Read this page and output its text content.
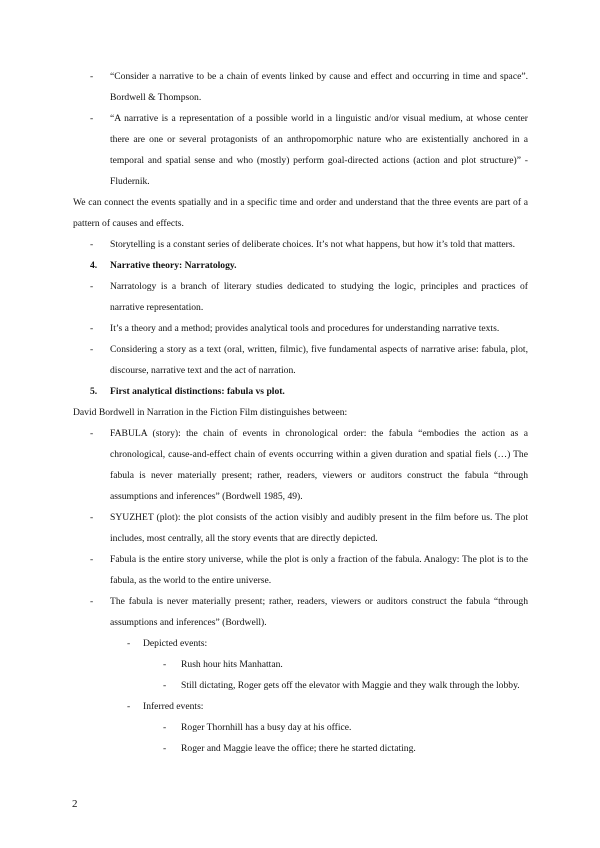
-	“Consider a narrative to be a chain of events linked by cause and effect and occurring in time and space”. Bordwell & Thompson.
-	“A narrative is a representation of a possible world in a linguistic and/or visual medium, at whose center there are one or several protagonists of an anthropomorphic nature who are existentially anchored in a temporal and spatial sense and who (mostly) perform goal-directed actions (action and plot structure)” - Fludernik.
We can connect the events spatially and in a specific time and order and understand that the three events are part of a pattern of causes and effects.
-	Storytelling is a constant series of deliberate choices. It’s not what happens, but how it’s told that matters.
4. Narrative theory: Narratology.
-	Narratology is a branch of literary studies dedicated to studying the logic, principles and practices of narrative representation.
-	It’s a theory and a method; provides analytical tools and procedures for understanding narrative texts.
-	Considering a story as a text (oral, written, filmic), five fundamental aspects of narrative arise: fabula, plot, discourse, narrative text and the act of narration.
5. First analytical distinctions: fabula vs plot.
David Bordwell in Narration in the Fiction Film distinguishes between:
-	FABULA (story): the chain of events in chronological order: the fabula “embodies the action as a chronological, cause-and-effect chain of events occurring within a given duration and spatial fiels (…) The fabula is never materially present; rather, readers, viewers or auditors construct the fabula “through assumptions and inferences” (Bordwell 1985, 49).
-	SYUZHET (plot): the plot consists of the action visibly and audibly present in the film before us. The plot includes, most centrally, all the story events that are directly depicted.
-	Fabula is the entire story universe, while the plot is only a fraction of the fabula. Analogy: The plot is to the fabula, as the world to the entire universe.
-	The fabula is never materially present; rather, readers, viewers or auditors construct the fabula “through assumptions and inferences” (Bordwell).
-	Depicted events:
-	Rush hour hits Manhattan.
-	Still dictating, Roger gets off the elevator with Maggie and they walk through the lobby.
-	Inferred events:
-	Roger Thornhill has a busy day at his office.
-	Roger and Maggie leave the office; there he started dictating.
2
